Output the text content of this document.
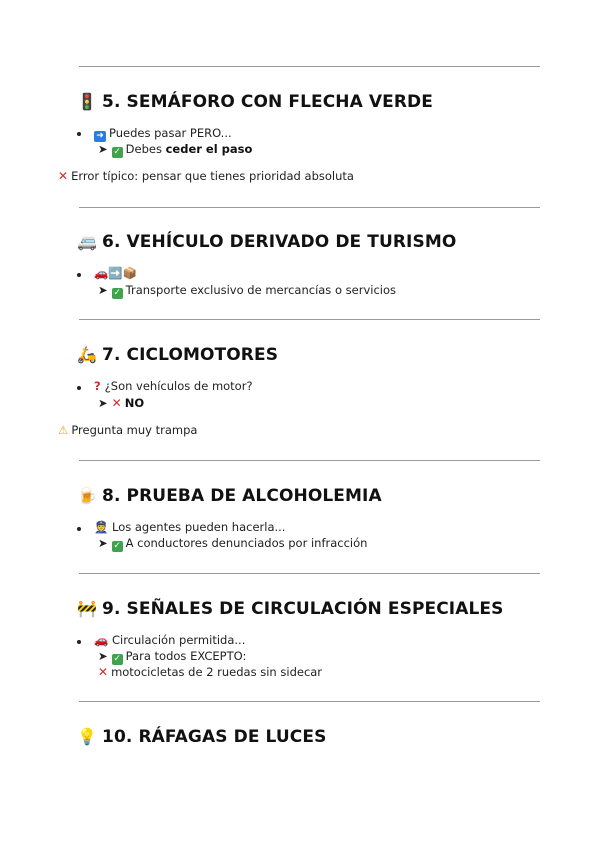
🚦 5. SEMÁFORO CON FLECHA VERDE
➜ Puedes pasar PERO...
➤ ✓ Debes ceder el paso
✕ Error típico: pensar que tienes prioridad absoluta
🚐 6. VEHÍCULO DERIVADO DE TURISMO
🚗➡️📦
➤ ✓ Transporte exclusivo de mercancías o servicios
🛵 7. CICLOMOTORES
? ¿Son vehículos de motor?
➤ ✕ NO
⚠ Pregunta muy trampa
🍺 8. PRUEBA DE ALCOHOLEMIA
👮 Los agentes pueden hacerla...
➤ ✓ A conductores denunciados por infracción
🚧 9. SEÑALES DE CIRCULACIÓN ESPECIALES
🚗 Circulación permitida...
➤ ✓ Para todos EXCEPTO:
✕ motocicletas de 2 ruedas sin sidecar
💡 10. RÁFAGAS DE LUCES
